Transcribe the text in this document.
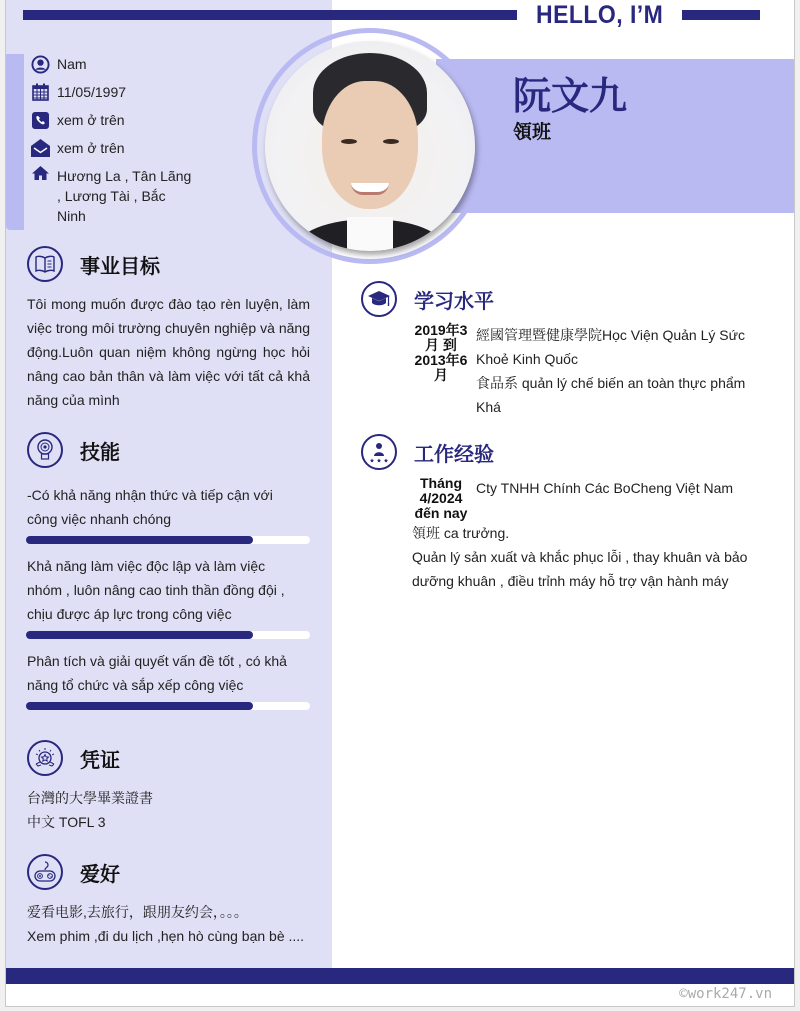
HELLO, I’M
Nam
11/05/1997
xem ở trên
xem ở trên
Hương La , Tân Lãng , Lương Tài , Bắc Ninh
阮文九
領班
事业目标
Tôi mong muốn được đào tạo rèn luyện, làm việc trong môi trường chuyên nghiệp và năng động.Luôn quan niệm không ngừng học hỏi nâng cao bản thân và làm việc với tất cả khả năng của mình
技能
-Có khả năng nhận thức và tiếp cận với công việc nhanh chóng
Khả năng làm việc độc lập và làm việc nhóm , luôn nâng cao tinh thần đồng đội , chịu được áp lực trong công việc
Phân tích và giải quyết vấn đề tốt , có khả năng tổ chức và sắp xếp công việc
凭证
台灣的大學畢業證書
中文 TOFL 3
爱好
爱看电影,去旅行，跟朋友约会，。。。
Xem phim ,đi du lịch ,hẹn hò cùng bạn bè ....
学习水平
2019年3月 到 2013年6月
經國管理暨健康學院Học Viện Quản Lý Sức Khoẻ Kinh Quốc
食品系 quản lý chế biến an toàn thực phẩm
Khá
工作经验
Tháng 4/2024 đến nay
Cty TNHH Chính Các BoCheng Việt Nam
領班 ca trưởng.
Quản lý sản xuất và khắc phục lỗi , thay khuân và bảo dưỡng khuân , điều trỉnh máy hỗ trợ vận hành máy
©work247.vn
